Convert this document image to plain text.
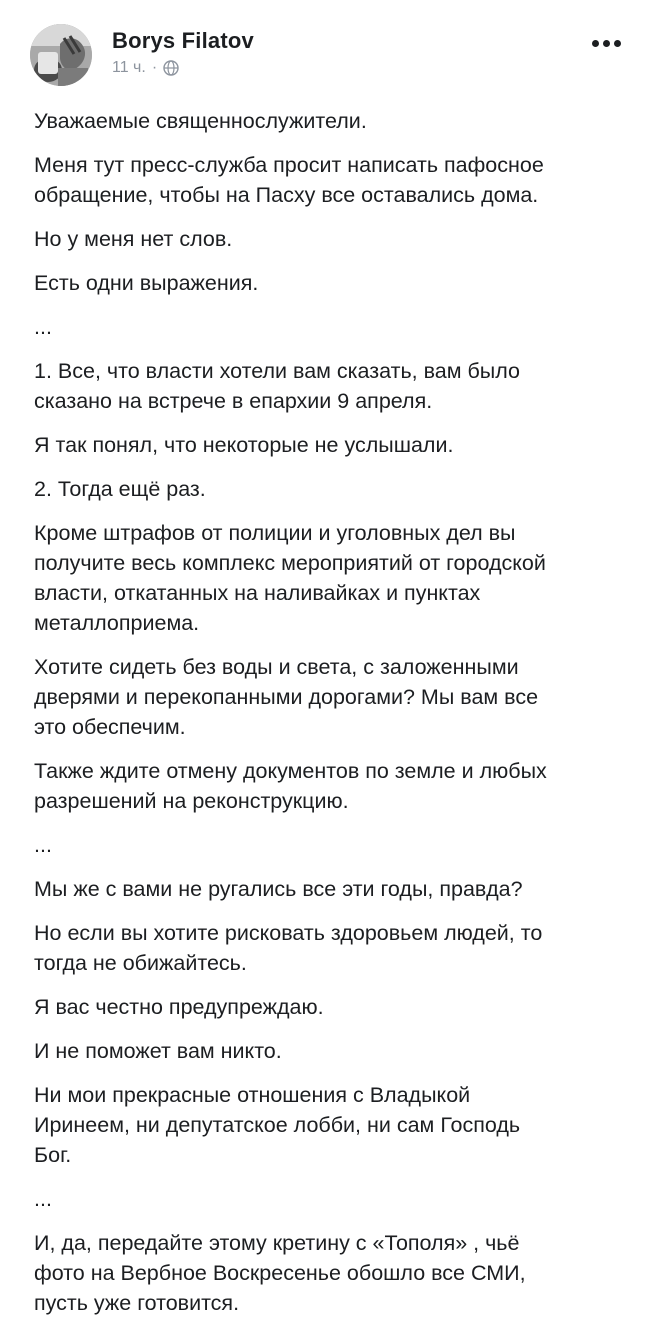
Borys Filatov
11 ч. ·

Уважаемые священнослужители.

Меня тут пресс-служба просит написать пафосное
обращение, чтобы на Пасху все оставались дома.

Но у меня нет слов.

Есть одни выражения.

...

1. Все, что власти хотели вам сказать, вам было
сказано на встрече в епархии 9 апреля.

Я так понял, что некоторые не услышали.

2. Тогда ещё раз.

Кроме штрафов от полиции и уголовных дел вы
получите весь комплекс мероприятий от городской
власти, откатанных на наливайках и пунктах
металлоприема.

Хотите сидеть без воды и света, с заложенными
дверями и перекопанными дорогами? Мы вам все
это обеспечим.

Также ждите отмену документов по земле и любых
разрешений на реконструкцию.

...

Мы же с вами не ругались все эти годы, правда?

Но если вы хотите рисковать здоровьем людей, то
тогда не обижайтесь.

Я вас честно предупреждаю.

И не поможет вам никто.

Ни мои прекрасные отношения с Владыкой
Иринеем, ни депутатское лобби, ни сам Господь
Бог.

...

И, да, передайте этому кретину с «Тополя» , чьё
фото на Вербное Воскресенье обошло все СМИ,
пусть уже готовится.
